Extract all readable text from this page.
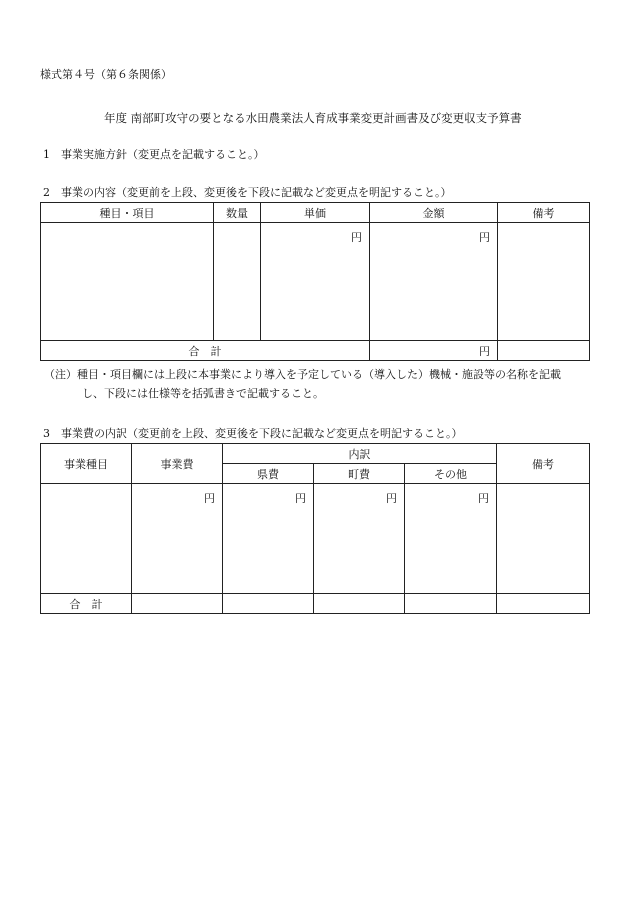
様式第４号（第６条関係）
年度 南部町攻守の要となる水田農業法人育成事業変更計画書及び変更収支予算書
1 事業実施方針（変更点を記載すること。）
2 事業の内容（変更前を上段、変更後を下段に記載など変更点を明記すること。）
種目・項目	数量	単価	金額	備考
		円	円	
合　計			円	
（注）種目・項目欄には上段に本事業により導入を予定している（導入した）機械・施設等の名称を記載
し、下段には仕様等を括弧書きで記載すること。
3 事業費の内訳（変更前を上段、変更後を下段に記載など変更点を明記すること。）
事業種目	事業費	内訳			備考
		県費	町費	その他	
	円	円	円	円	
合　計					
